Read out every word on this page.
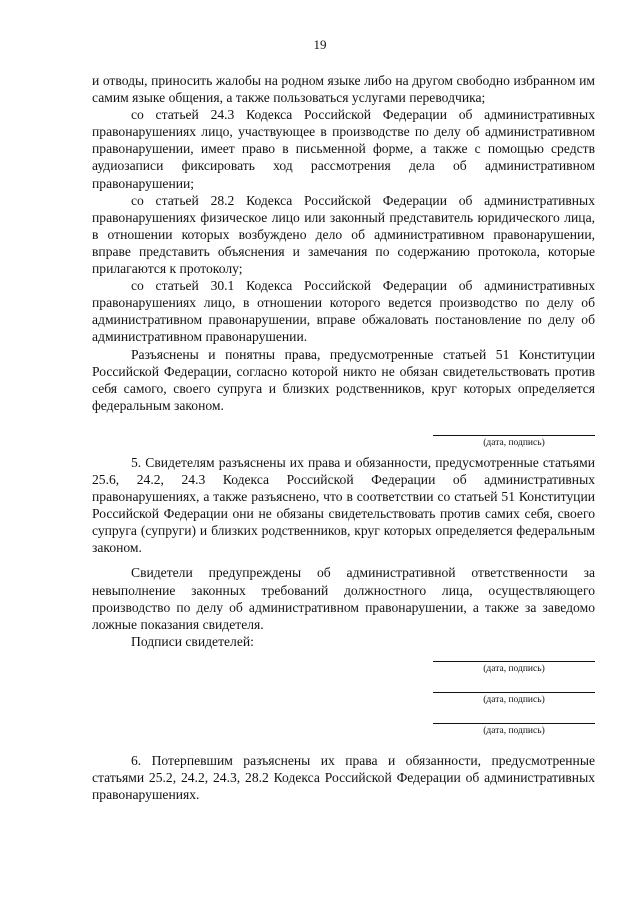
19

и отводы, приносить жалобы на родном языке либо на другом свободно избранном им самим языке общения, а также пользоваться услугами переводчика;

со статьей 24.3 Кодекса Российской Федерации об административных правонарушениях лицо, участвующее в производстве по делу об административном правонарушении, имеет право в письменной форме, а также с помощью средств аудиозаписи фиксировать ход рассмотрения дела об административном правонарушении;

со статьей 28.2 Кодекса Российской Федерации об административных правонарушениях физическое лицо или законный представитель юридического лица, в отношении которых возбуждено дело об административном правонарушении, вправе представить объяснения и замечания по содержанию протокола, которые прилагаются к протоколу;

со статьей 30.1 Кодекса Российской Федерации об административных правонарушениях лицо, в отношении которого ведется производство по делу об административном правонарушении, вправе обжаловать постановление по делу об административном правонарушении.

Разъяснены и понятны права, предусмотренные статьей 51 Конституции Российской Федерации, согласно которой никто не обязан свидетельствовать против себя самого, своего супруга и близких родственников, круг которых определяется федеральным законом.

(дата, подпись)

5. Свидетелям разъяснены их права и обязанности, предусмотренные статьями 25.6, 24.2, 24.3 Кодекса Российской Федерации об административных правонарушениях, а также разъяснено, что в соответствии со статьей 51 Конституции Российской Федерации они не обязаны свидетельствовать против самих себя, своего супруга (супруги) и близких родственников, круг которых определяется федеральным законом.

Свидетели предупреждены об административной ответственности за невыполнение законных требований должностного лица, осуществляющего производство по делу об административном правонарушении, а также за заведомо ложные показания свидетеля.

Подписи свидетелей:

(дата, подпись)
(дата, подпись)
(дата, подпись)

6. Потерпевшим разъяснены их права и обязанности, предусмотренные статьями 25.2, 24.2, 24.3, 28.2 Кодекса Российской Федерации об административных правонарушениях.
